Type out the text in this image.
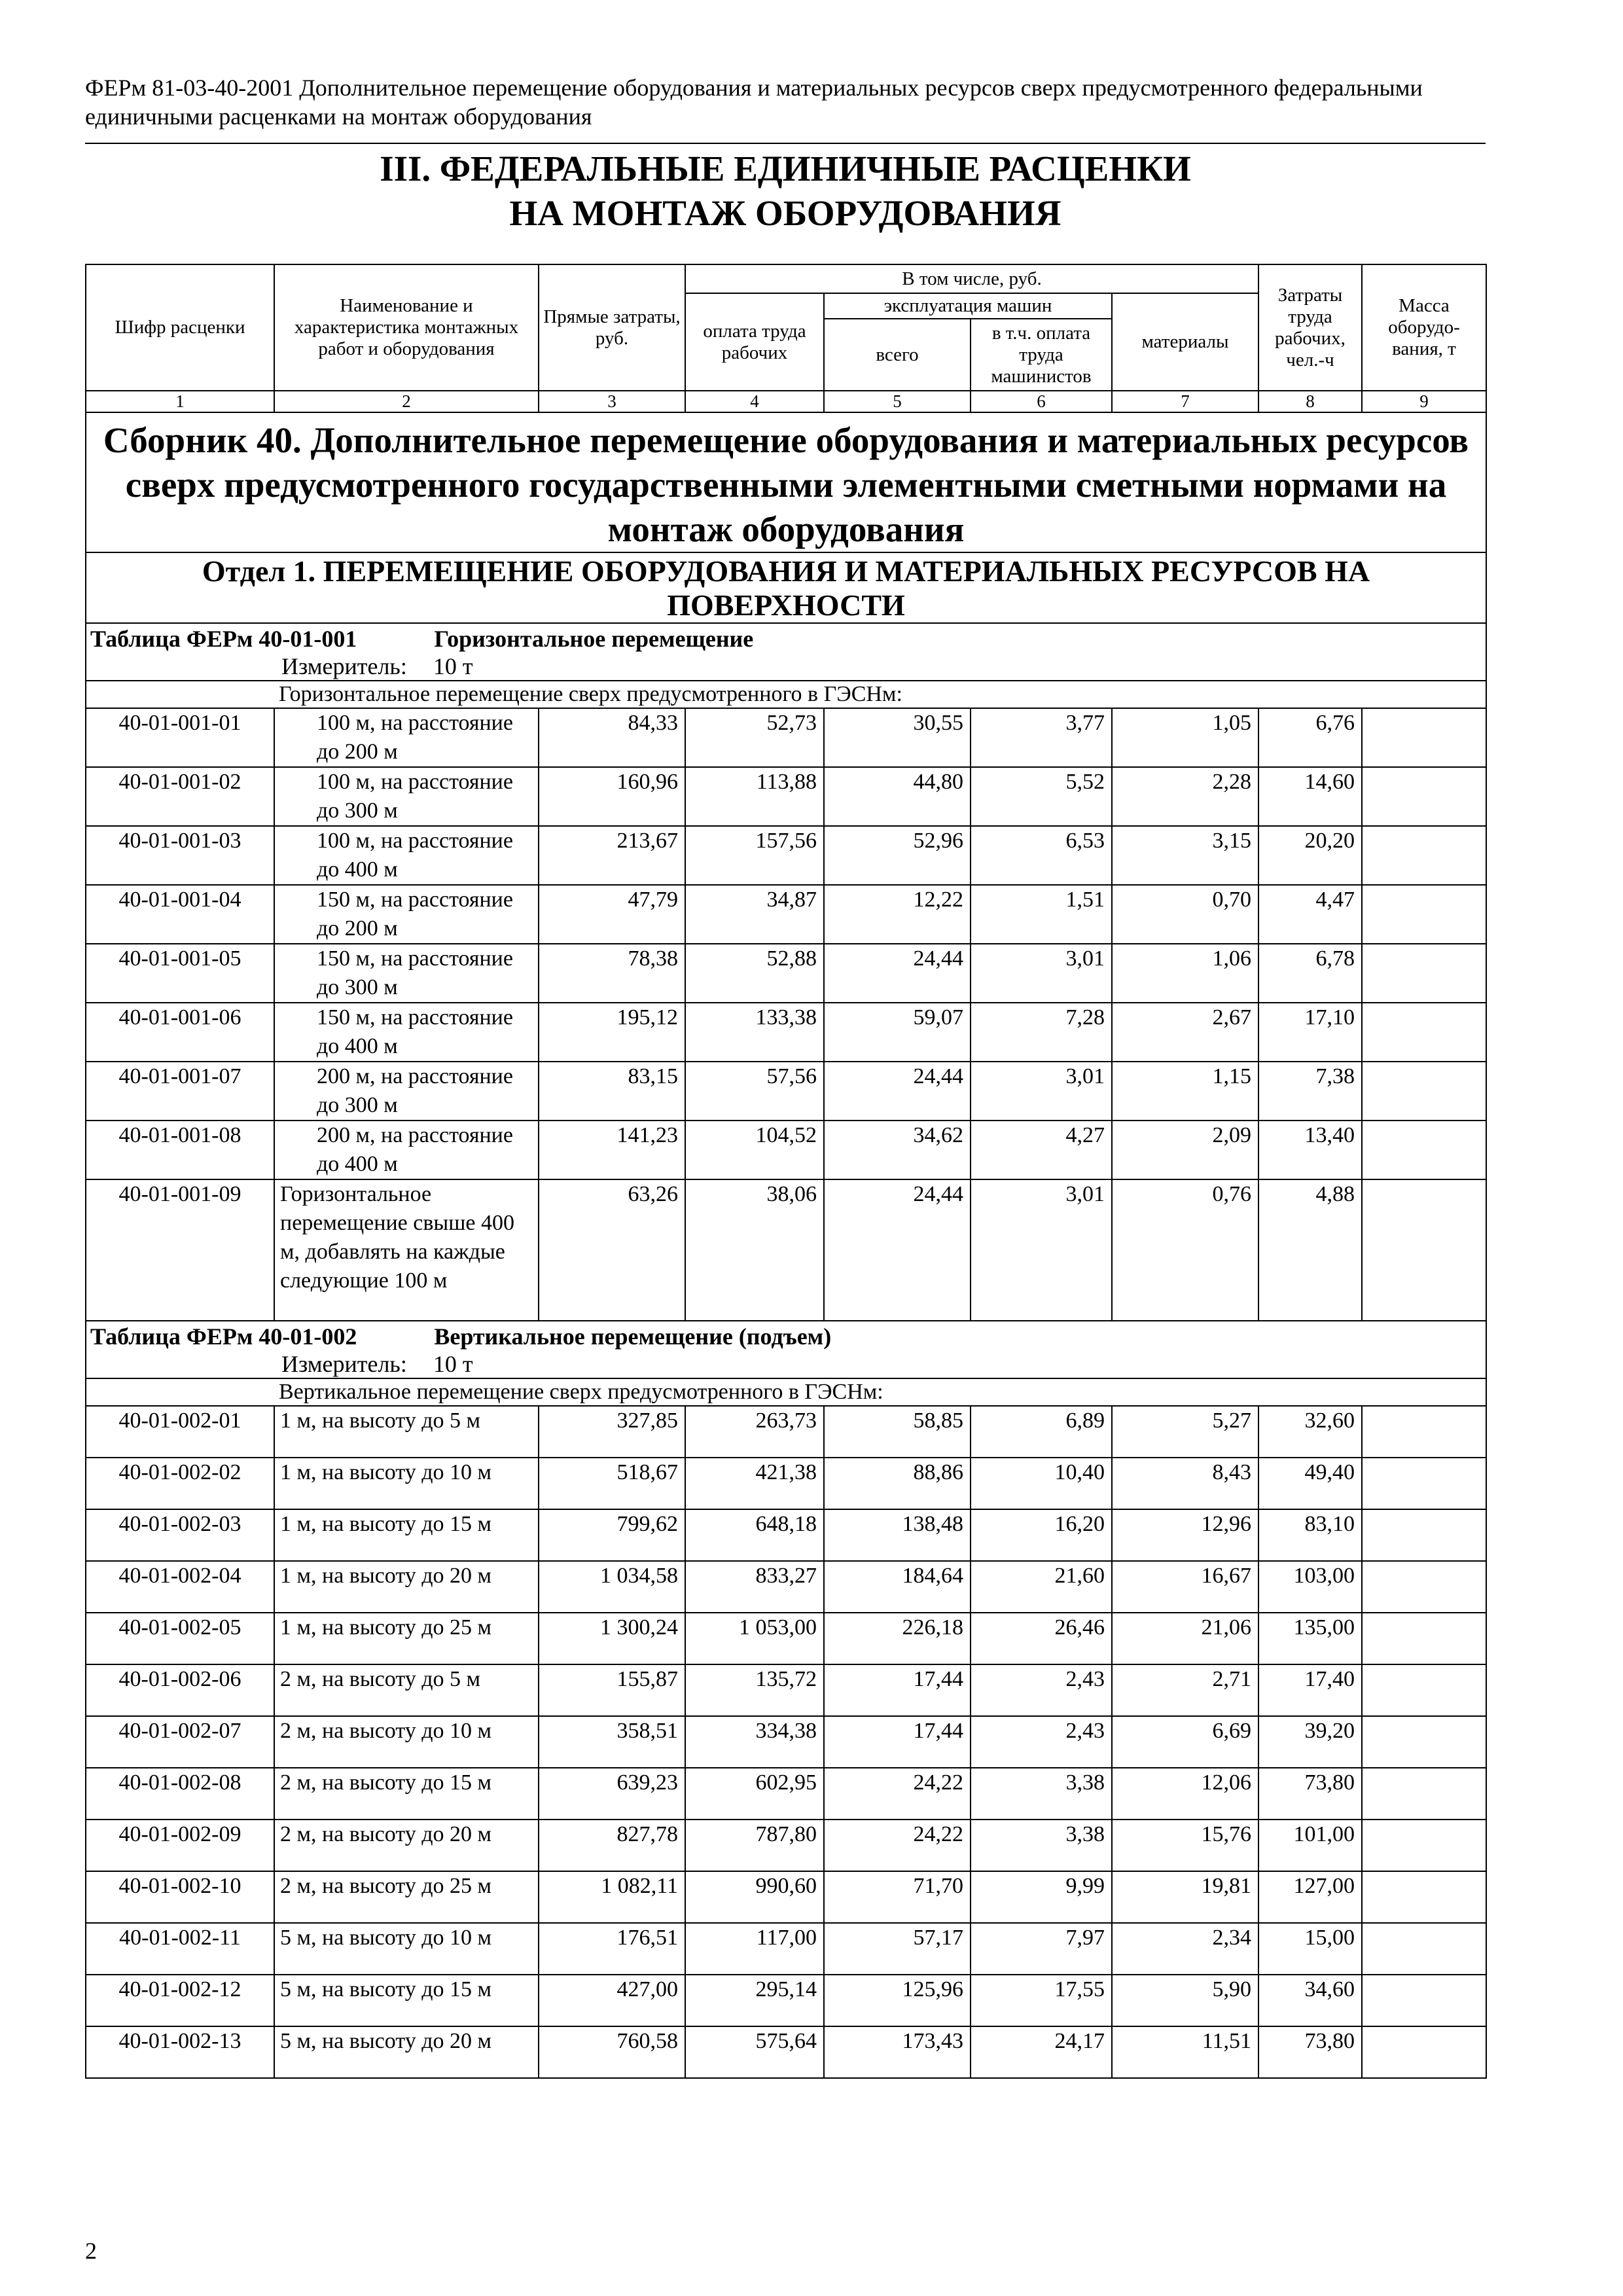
ФЕРм 81-03-40-2001 Дополнительное перемещение оборудования и материальных ресурсов сверх предусмотренного федеральными единичными расценками на монтаж оборудования
III. ФЕДЕРАЛЬНЫЕ ЕДИНИЧНЫЕ РАСЦЕНКИ
НА МОНТАЖ ОБОРУДОВАНИЯ
Шифр расценки	Наименование и характеристика монтажных работ и оборудования	Прямые затраты, руб.	В том числе, руб.				Затраты труда рабочих, чел.-ч	Масса оборудо-вания, т
			оплата труда рабочих	эксплуатация машин		материалы		
				всего	в т.ч. оплата труда машинистов			
1	2	3	4	5	6	7	8	9
Сборник 40. Дополнительное перемещение оборудования и материальных ресурсов сверх предусмотренного государственными элементными сметными нормами на монтаж оборудования								
Отдел 1. ПЕРЕМЕЩЕНИЕ ОБОРУДОВАНИЯ И МАТЕРИАЛЬНЫХ РЕСУРСОВ НА ПОВЕРХНОСТИ								

Таблица ФЕРм 40-01-001 Горизонтальное перемещение
Измеритель: 10 т								

Горизонтальное перемещение сверх предусмотренного в ГЭСНм:								
40-01-001-01	100 м, на расстояние до 200 м	84,33	52,73	30,55	3,77	1,05	6,76	
40-01-001-02	100 м, на расстояние до 300 м	160,96	113,88	44,80	5,52	2,28	14,60	
40-01-001-03	100 м, на расстояние до 400 м	213,67	157,56	52,96	6,53	3,15	20,20	
40-01-001-04	150 м, на расстояние до 200 м	47,79	34,87	12,22	1,51	0,70	4,47	
40-01-001-05	150 м, на расстояние до 300 м	78,38	52,88	24,44	3,01	1,06	6,78	
40-01-001-06	150 м, на расстояние до 400 м	195,12	133,38	59,07	7,28	2,67	17,10	
40-01-001-07	200 м, на расстояние до 300 м	83,15	57,56	24,44	3,01	1,15	7,38	
40-01-001-08	200 м, на расстояние до 400 м	141,23	104,52	34,62	4,27	2,09	13,40	
40-01-001-09	Горизонтальное перемещение свыше 400 м, добавлять на каждые следующие 100 м	63,26	38,06	24,44	3,01	0,76	4,88	

Таблица ФЕРм 40-01-002 Вертикальное перемещение (подъем)
Измеритель: 10 т								

Вертикальное перемещение сверх предусмотренного в ГЭСНм:								
40-01-002-01	1 м, на высоту до 5 м	327,85	263,73	58,85	6,89	5,27	32,60	
40-01-002-02	1 м, на высоту до 10 м	518,67	421,38	88,86	10,40	8,43	49,40	
40-01-002-03	1 м, на высоту до 15 м	799,62	648,18	138,48	16,20	12,96	83,10	
40-01-002-04	1 м, на высоту до 20 м	1 034,58	833,27	184,64	21,60	16,67	103,00	
40-01-002-05	1 м, на высоту до 25 м	1 300,24	1 053,00	226,18	26,46	21,06	135,00	
40-01-002-06	2 м, на высоту до 5 м	155,87	135,72	17,44	2,43	2,71	17,40	
40-01-002-07	2 м, на высоту до 10 м	358,51	334,38	17,44	2,43	6,69	39,20	
40-01-002-08	2 м, на высоту до 15 м	639,23	602,95	24,22	3,38	12,06	73,80	
40-01-002-09	2 м, на высоту до 20 м	827,78	787,80	24,22	3,38	15,76	101,00	
40-01-002-10	2 м, на высоту до 25 м	1 082,11	990,60	71,70	9,99	19,81	127,00	
40-01-002-11	5 м, на высоту до 10 м	176,51	117,00	57,17	7,97	2,34	15,00	
40-01-002-12	5 м, на высоту до 15 м	427,00	295,14	125,96	17,55	5,90	34,60	
40-01-002-13	5 м, на высоту до 20 м	760,58	575,64	173,43	24,17	11,51	73,80	
2
